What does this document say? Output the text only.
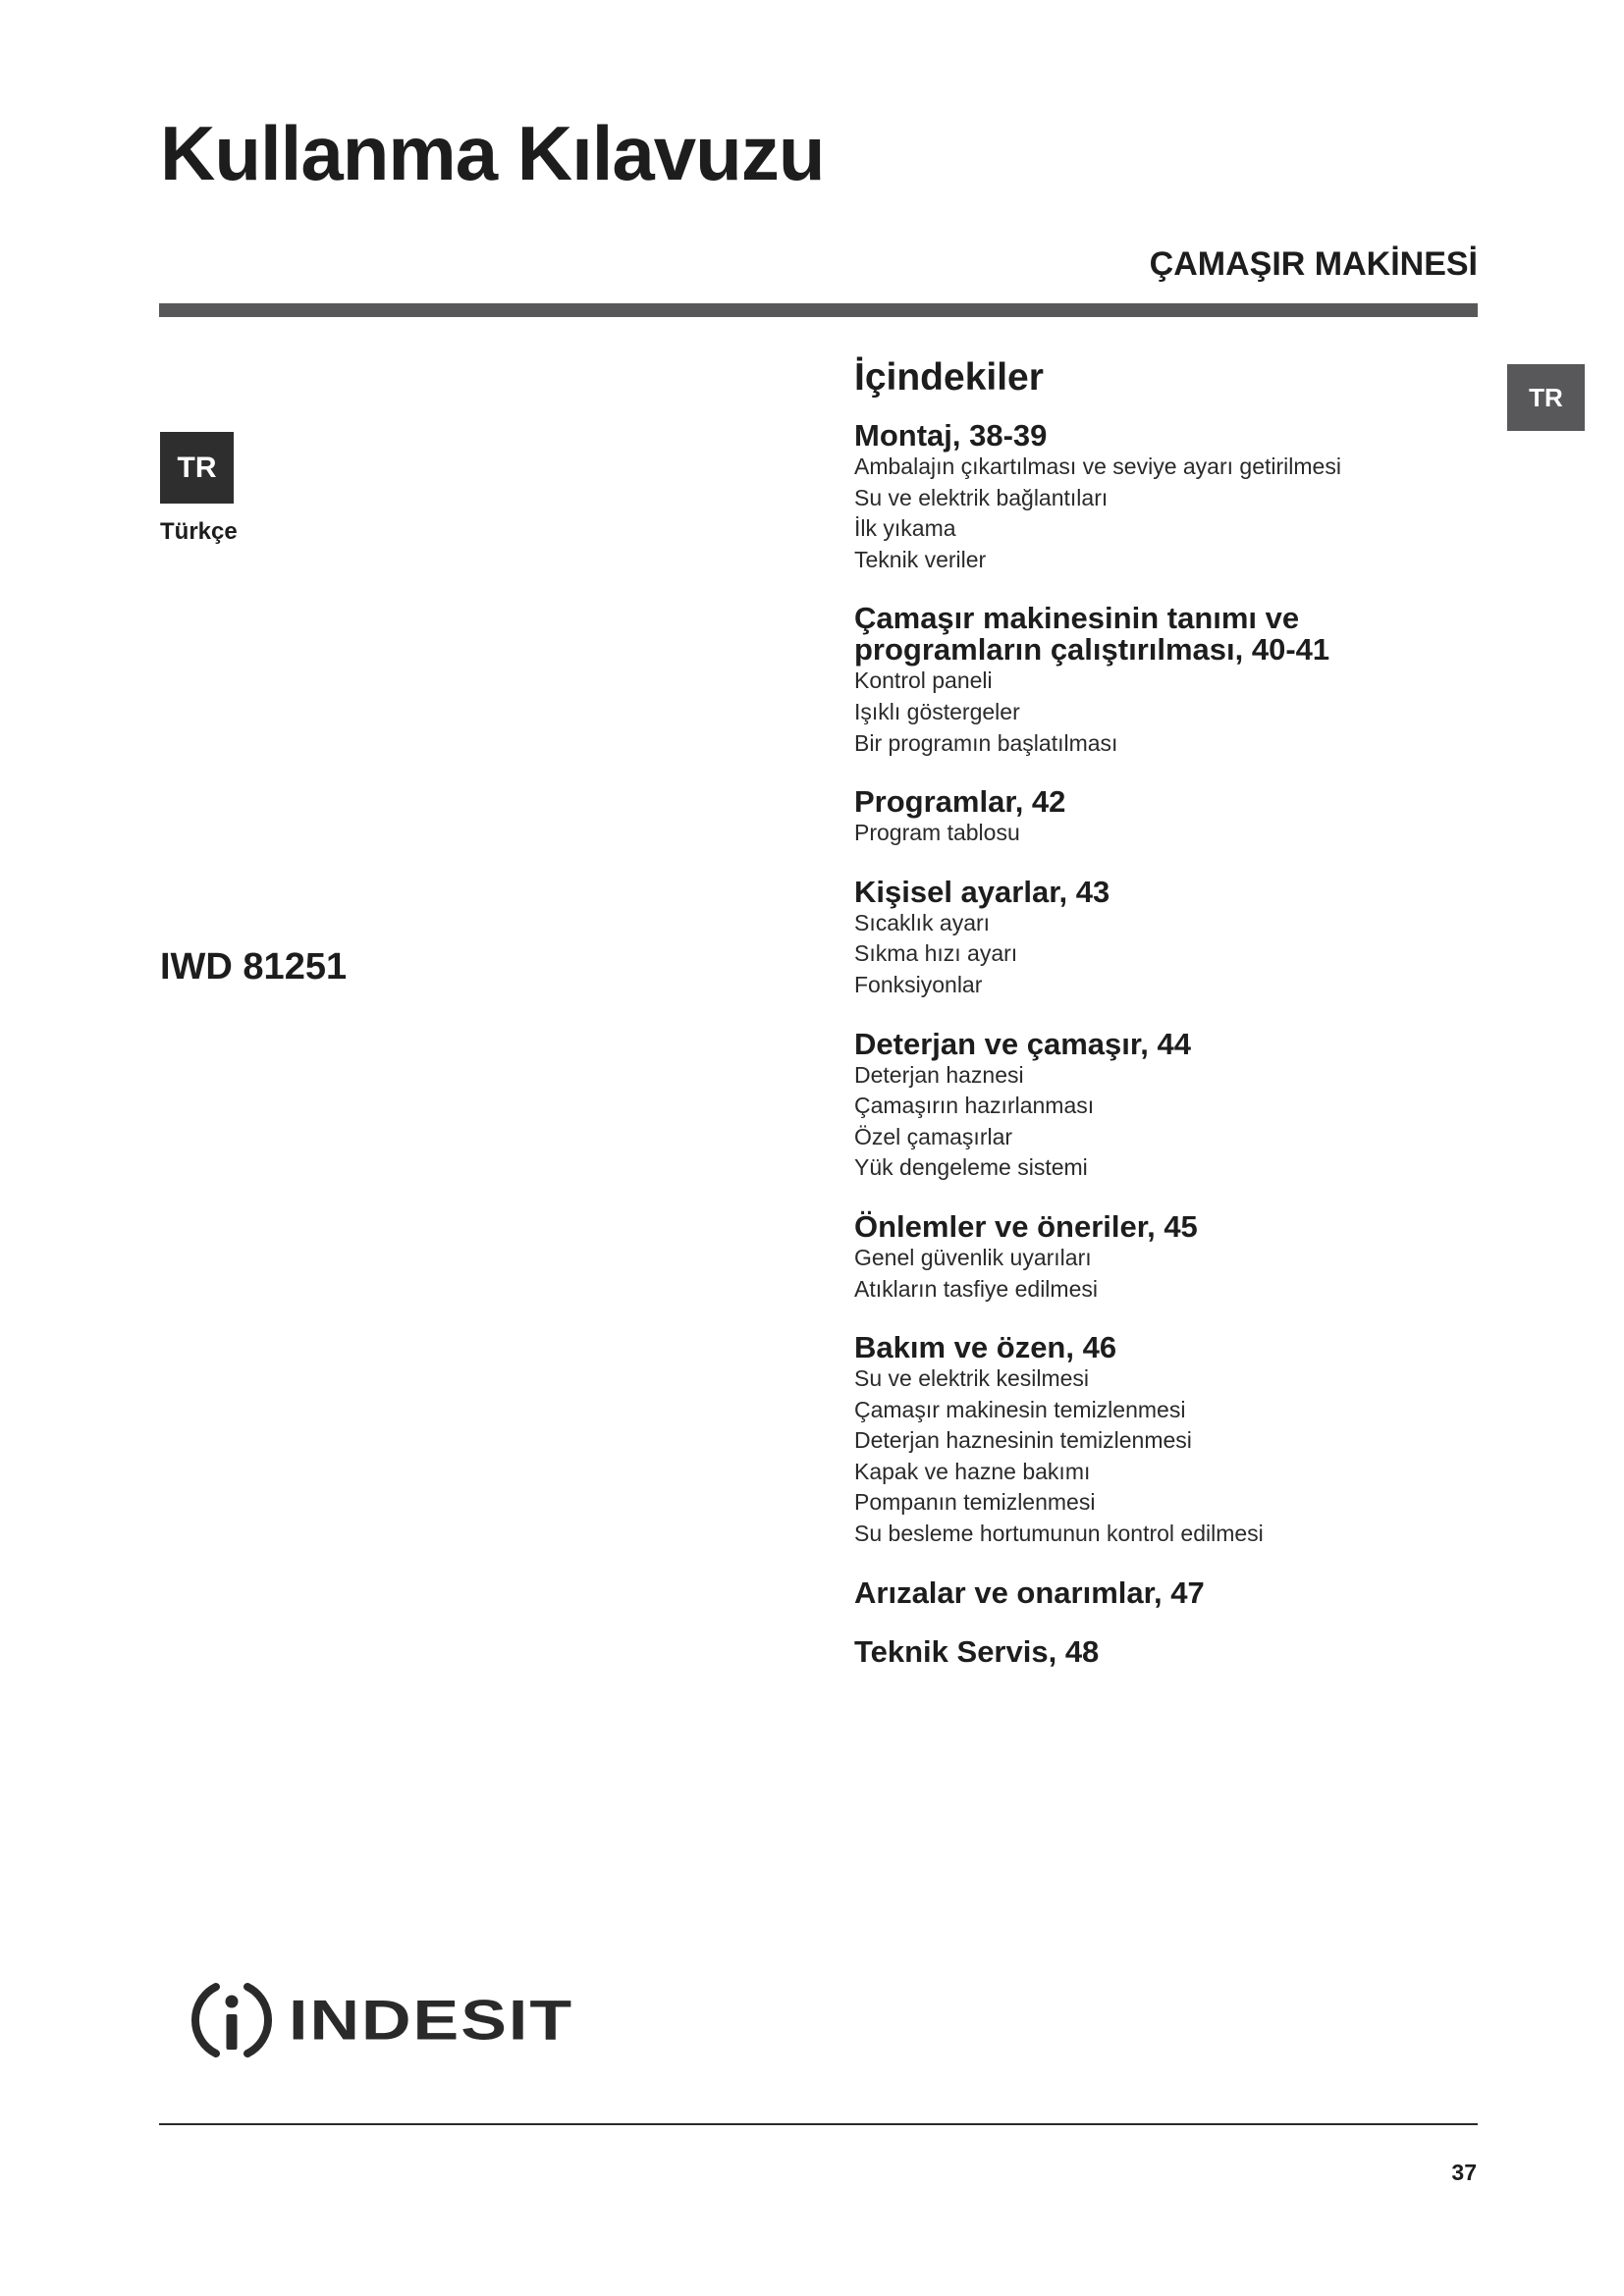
Kullanma Kılavuzu
ÇAMAŞIR MAKİNESİ
TR
Türkçe
TR
IWD 81251
İçindekiler
Montaj, 38-39
Ambalajın çıkartılması ve seviye ayarı getirilmesi
Su ve elektrik bağlantıları
İlk yıkama
Teknik veriler
Çamaşır makinesinin tanımı ve programların çalıştırılması, 40-41
Kontrol paneli
Işıklı göstergeler
Bir programın başlatılması
Programlar, 42
Program tablosu
Kişisel ayarlar, 43
Sıcaklık ayarı
Sıkma hızı ayarı
Fonksiyonlar
Deterjan ve çamaşır, 44
Deterjan haznesi
Çamaşırın hazırlanması
Özel çamaşırlar
Yük dengeleme sistemi
Önlemler ve öneriler, 45
Genel güvenlik uyarıları
Atıkların tasfiye edilmesi
Bakım ve özen, 46
Su ve elektrik kesilmesi
Çamaşır makinesin temizlenmesi
Deterjan haznesinin temizlenmesi
Kapak ve hazne bakımı
Pompanın temizlenmesi
Su besleme hortumunun kontrol edilmesi
Arızalar ve onarımlar, 47
Teknik Servis, 48
INDESIT
37
